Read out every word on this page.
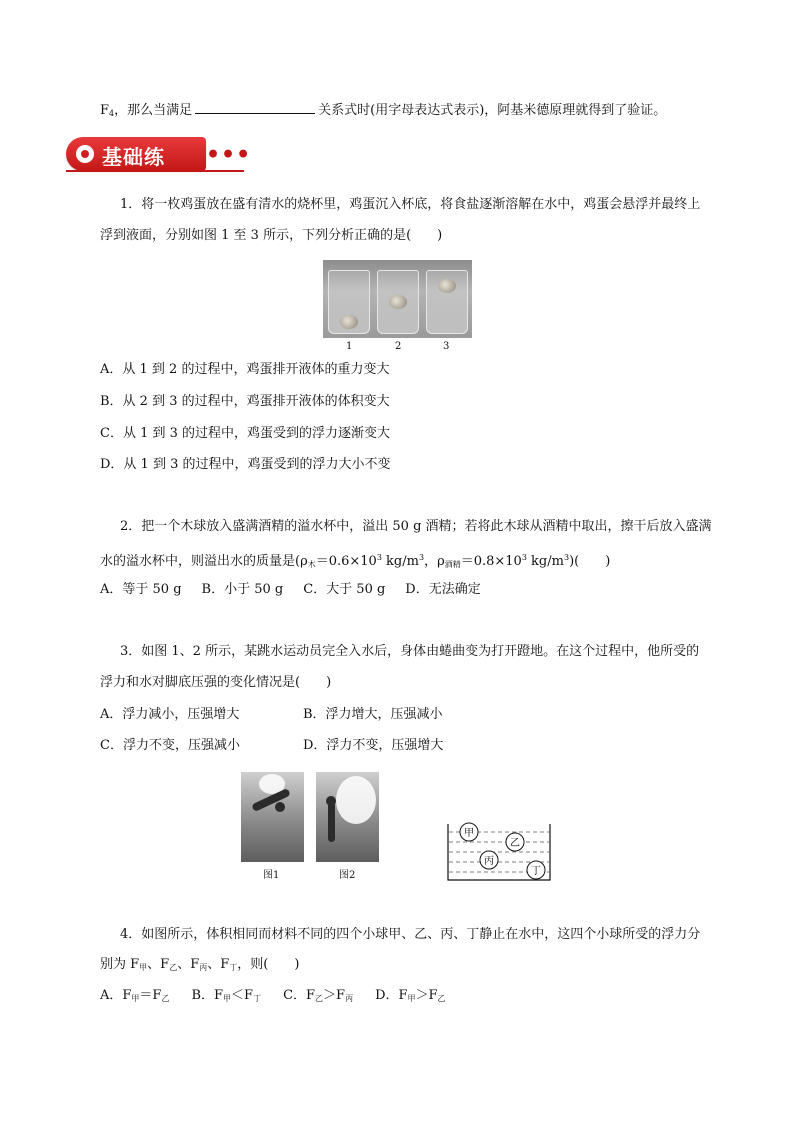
$F_4$，那么当满足	关系式时(用字母表达式表示)，阿基米德原理就得到了验证。
基础练 •••
1．将一枚鸡蛋放在盛有清水的烧杯里，鸡蛋沉入杯底，将食盐逐渐溶解在水中，鸡蛋会悬浮并最终上
浮到液面，分别如图 1 至 3 所示，下列分析正确的是(　　)
1	2	3
A．从 1 到 2 的过程中，鸡蛋排开液体的重力变大
B．从 2 到 3 的过程中，鸡蛋排开液体的体积变大
C．从 1 到 3 的过程中，鸡蛋受到的浮力逐渐变大
D．从 1 到 3 的过程中，鸡蛋受到的浮力大小不变
2．把一个木球放入盛满酒精的溢水杯中，溢出 50 g 酒精；若将此木球从酒精中取出，擦干后放入盛满
水的溢水杯中，则溢出水的质量是($\rho_木=0.6\times 10^3$ $kg/m^3$，$\rho_{酒精}=0.8\times 10^3$ $kg/m^3$)(　　)
A．等于 50 g B．小于 50 g C．大于 50 g D．无法确定
3．如图 1、2 所示，某跳水运动员完全入水后，身体由蜷曲变为打开蹬地。在这个过程中，他所受的
浮力和水对脚底压强的变化情况是(　　)
A．浮力减小，压强增大	B．浮力增大，压强减小
C．浮力不变，压强减小	D．浮力不变，压强增大
图1	图2
甲
乙
丙
丁
4．如图所示，体积相同而材料不同的四个小球甲、乙、丙、丁静止在水中，这四个小球所受的浮力分
别为 $F_甲$、$F_乙$、$F_丙$、$F_丁$，则(　　)
A．$F_甲=F_乙$ B．$F_甲<F_丁$ C．$F_乙>F_丙$ D．$F_甲>F_乙$
